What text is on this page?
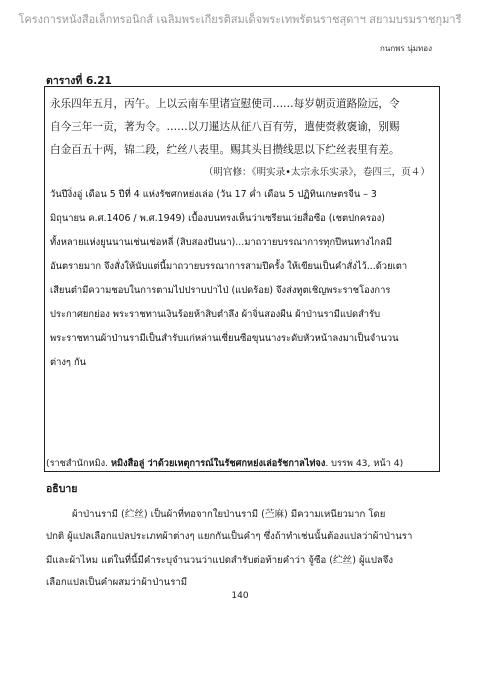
โครงการหนังสือเล็กทรอนิกส์ เฉลิมพระเกียรติสมเด็จพระเทพรัตนราชสุดาฯ สยามบรมราชกุมารี
กนกพร นุ่มทอง
ตารางที่ 6.21
永乐四年五月，丙午。上以云南车里诸宣慰使司……每岁朝贡道路险远，令
自今三年一贡，著为令。……以刀暹达从征八百有劳，遣使赍救褒谕，别赐
白金百五十两，锦二段，纻丝八表里。赐其头目攒线思以下纻丝表里有差。
（明官修：《明实录•太宗永乐实录》，卷四三，页４）
วันปีงิ่งอู่ เดือน 5 ปีที่ 4 แห่งรัชศกหย่งเล่อ (วัน 17 ค่ำ เดือน 5 ปฏิทินเกษตรจีน – 3
มิถุนายน ค.ศ.1406 / พ.ศ.1949) เบื้องบนทรงเห็นว่าเซรียนเว่ยสื่อซือ (เชตปกครอง)
ทั้งหลายแห่งยูนนานเช่นเช่อหลี่ (สิบสองปันนา)...มาถวายบรรณาการทุกปีหนทางไกลมี
อันตรายมาก จึงสั่งให้นับแต่นี้มาถวายบรรณาการสามปีครั้ง ให้เขียนเป็นคำสั่งไว้...ด้วยเตา
เสียนต๋ามีความชอบในการตามไปปราบปาไป่ (แปดร้อย) จึงส่งทูตเชิญพระราชโองการ
ประกาศยกย่อง พระราชทานเงินร้อยห้าสิบตำลึง ผ้าจิ่นสองผืน ผ้าป่านรามีแปดสำรับ
พระราชทานผ้าป่านรามีเป็นสำรับแก่หล่านเซี่ยนซือขุนนางระดับหัวหน้าลงมาเป็นจำนวน
ต่างๆ กัน
(ราชสำนักหมิง. หมิงสือลู่ ว่าด้วยเหตุการณ์ในรัชศกหย่งเล่อรัชกาลไท่จง. บรรพ 43, หน้า 4)
อธิบาย
ผ้าป่านรามี (纻丝) เป็นผ้าที่ทอจากใยป่านรามี (苎麻) มีความเหนียวมาก โดย
ปกติ ผู้แปลเลือกแปลประเภทผ้าต่างๆ แยกกันเป็นคำๆ ซึ่งถ้าทำเช่นนั้นต้องแปลว่าผ้าป่านรา
มีและผ้าไหม แต่ในที่นี้มีคำระบุจำนวนว่าแปดสำรับต่อท้ายคำว่า จู้ซือ (纻丝) ผู้แปลจึง
เลือกแปลเป็นคำผสมว่าผ้าป่านรามี
140
